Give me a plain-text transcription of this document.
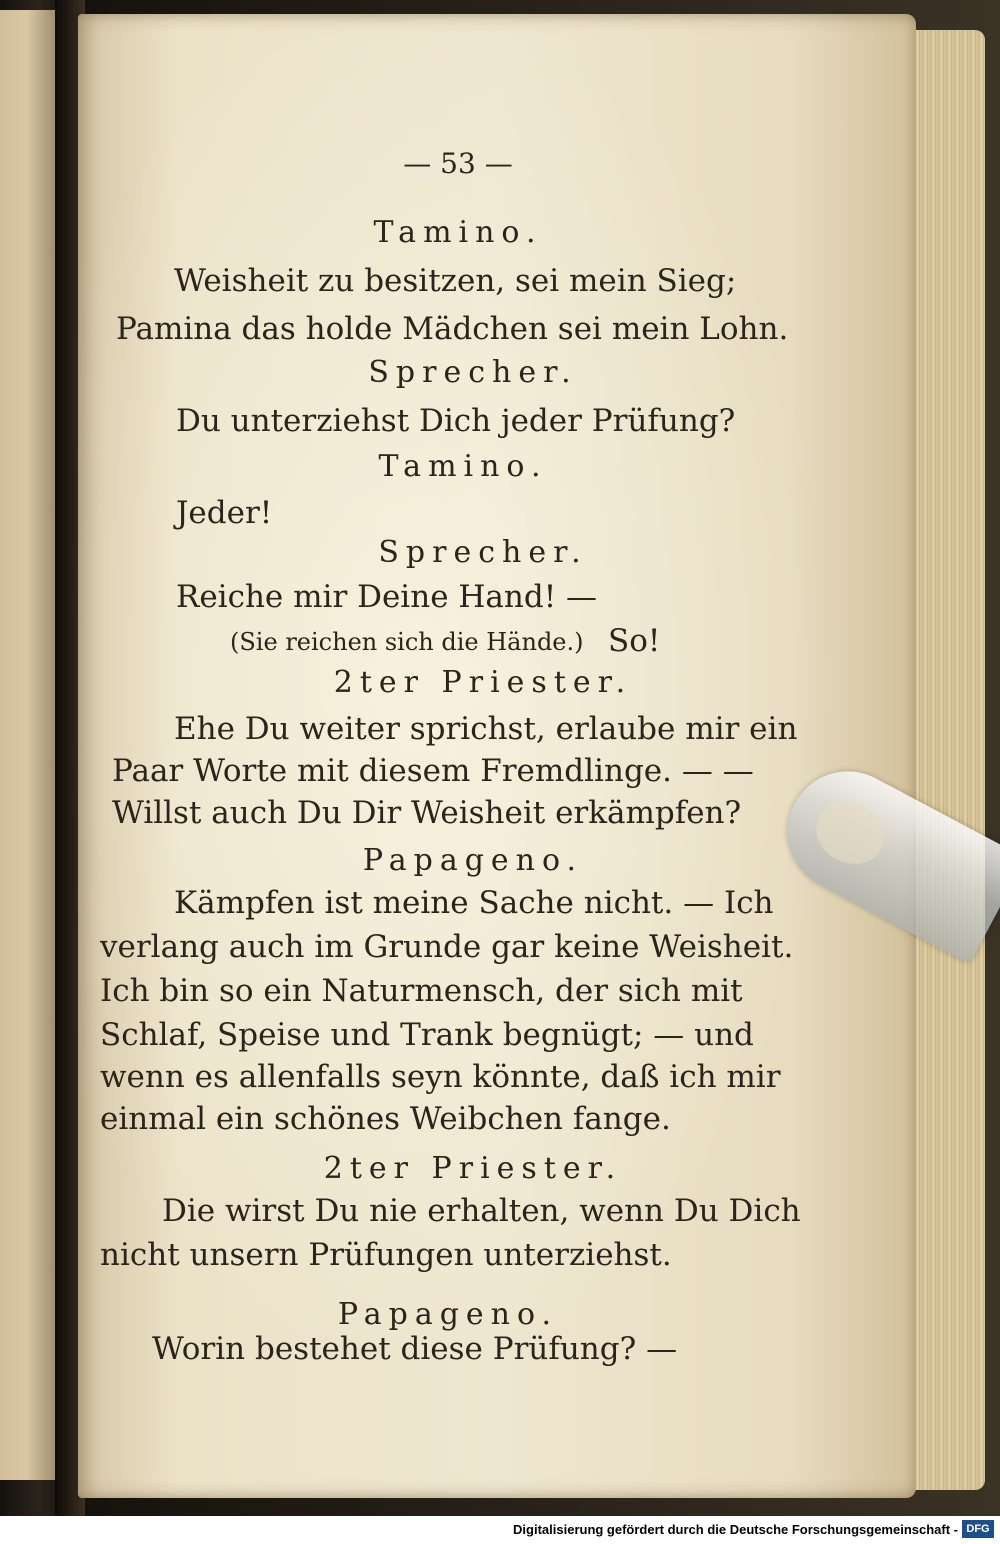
— 53 —
Tamino.
Weisheit zu besitzen, sei mein Sieg;
Pamina das holde Mädchen sei mein Lohn.
Sprecher.
Du unterziehst Dich jeder Prüfung?
Tamino.
Jeder!
Sprecher.
Reiche mir Deine Hand! —
(Sie reichen sich die Hände.) So!
2ter Priester.
Ehe Du weiter sprichst, erlaube mir ein
Paar Worte mit diesem Fremdlinge. — —
Willst auch Du Dir Weisheit erkämpfen?
Papageno.
Kämpfen ist meine Sache nicht. — Ich
verlang auch im Grunde gar keine Weisheit.
Ich bin so ein Naturmensch, der sich mit
Schlaf, Speise und Trank begnügt; — und
wenn es allenfalls seyn könnte, daß ich mir
einmal ein schönes Weibchen fange.
2ter Priester.
Die wirst Du nie erhalten, wenn Du Dich
nicht unsern Prüfungen unterziehst.
Papageno.
Worin bestehet diese Prüfung? —
Digitalisierung gefördert durch die Deutsche Forschungsgemeinschaft - DFG
